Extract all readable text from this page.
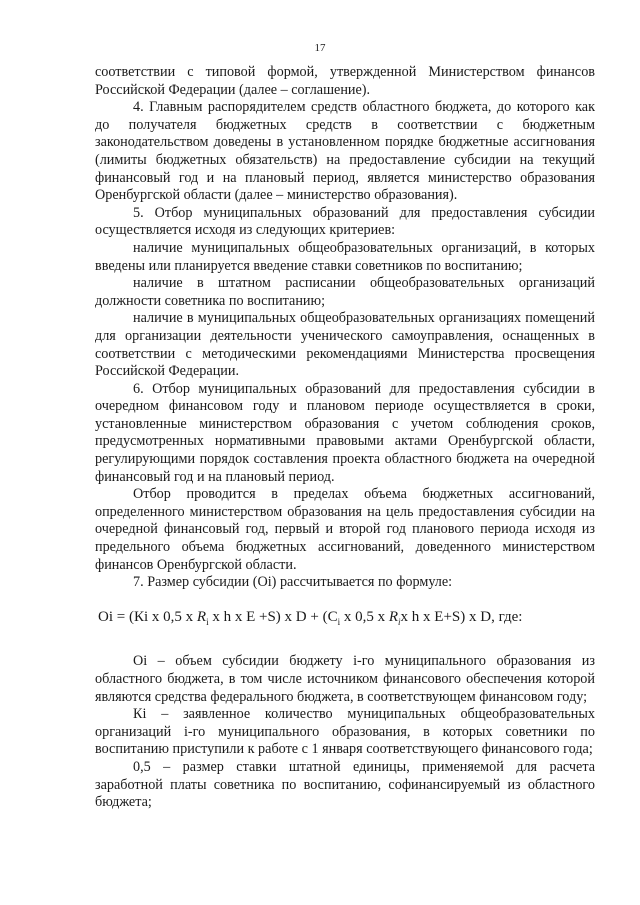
17

соответствии с типовой формой, утвержденной Министерством финансов Российской Федерации (далее – соглашение).

4. Главным распорядителем средств областного бюджета, до которого как до получателя бюджетных средств в соответствии с бюджетным законодательством доведены в установленном порядке бюджетные ассигнования (лимиты бюджетных обязательств) на предоставление субсидии на текущий финансовый год и на плановый период, является министерство образования Оренбургской области (далее – министерство образования).

5. Отбор муниципальных образований для предоставления субсидии осуществляется исходя из следующих критериев:

наличие муниципальных общеобразовательных организаций, в которых введены или планируется введение ставки советников по воспитанию;

наличие в штатном расписании общеобразовательных организаций должности советника по воспитанию;

наличие в муниципальных общеобразовательных организациях помещений для организации деятельности ученического самоуправления, оснащенных в соответствии с методическими рекомендациями Министерства просвещения Российской Федерации.

6. Отбор муниципальных образований для предоставления субсидии в очередном финансовом году и плановом периоде осуществляется в сроки, установленные министерством образования с учетом соблюдения сроков, предусмотренных нормативными правовыми актами Оренбургской области, регулирующими порядок составления проекта областного бюджета на очередной финансовый год и на плановый период.

Отбор проводится в пределах объема бюджетных ассигнований, определенного министерством образования на цель предоставления субсидии на очередной финансовый год, первый и второй год планового периода исходя из предельного объема бюджетных ассигнований, доведенного министерством финансов Оренбургской области.

7. Размер субсидии (Оi) рассчитывается по формуле:

Оi = (Кi х 0,5 х $R_i$ х h х E +S) х $D + (C_i$ х 0,5 х $R_iх$ h х E+S) х D, где:

Оi – объем субсидии бюджету i-го муниципального образования из областного бюджета, в том числе источником финансового обеспечения которой являются средства федерального бюджета, в соответствующем финансовом году;

Кi – заявленное количество муниципальных общеобразовательных организаций i-го муниципального образования, в которых советники по воспитанию приступили к работе с 1 января соответствующего финансового года;

0,5 – размер ставки штатной единицы, применяемой для расчета заработной платы советника по воспитанию, софинансируемый из областного бюджета;
